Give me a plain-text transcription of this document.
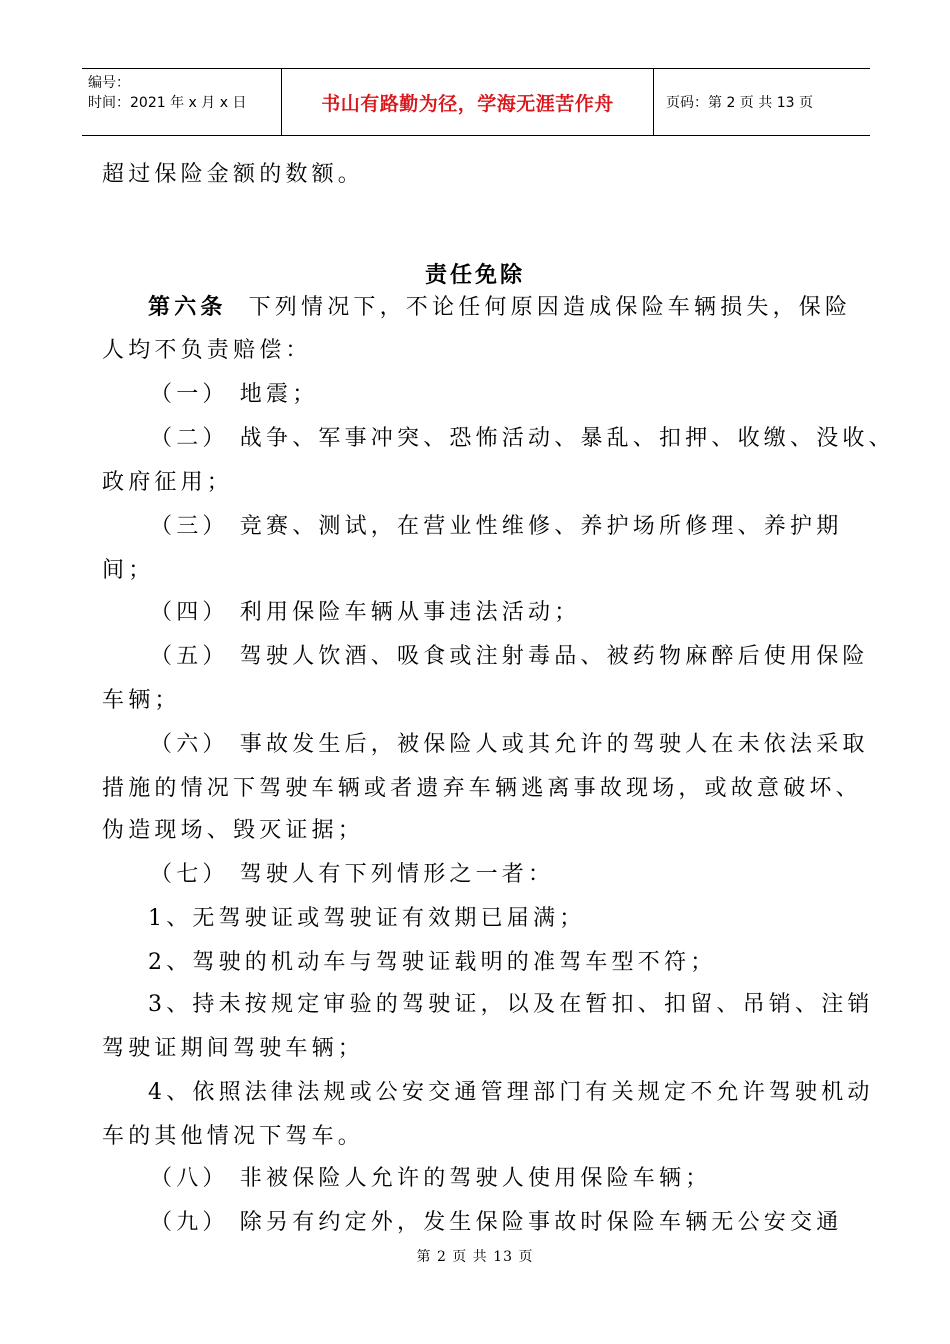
编号：
时间：2021 年 x 月 x 日	书山有路勤为径，学海无涯苦作舟	页码：第 2 页 共 13 页
超过保险金额的数额。
责任免除
第六条 下列情况下，不论任何原因造成保险车辆损失，保险
人均不负责赔偿：
（一） 地震；
（二） 战争、军事冲突、恐怖活动、暴乱、扣押、收缴、没收、
政府征用；
（三） 竞赛、测试，在营业性维修、养护场所修理、养护期
间；
（四） 利用保险车辆从事违法活动；
（五） 驾驶人饮酒、吸食或注射毒品、被药物麻醉后使用保险
车辆；
（六） 事故发生后，被保险人或其允许的驾驶人在未依法采取
措施的情况下驾驶车辆或者遗弃车辆逃离事故现场，或故意破坏、
伪造现场、毁灭证据；
（七） 驾驶人有下列情形之一者：
1、无驾驶证或驾驶证有效期已届满；
2、驾驶的机动车与驾驶证载明的准驾车型不符；
3、持未按规定审验的驾驶证，以及在暂扣、扣留、吊销、注销
驾驶证期间驾驶车辆；
4、依照法律法规或公安交通管理部门有关规定不允许驾驶机动
车的其他情况下驾车。
（八） 非被保险人允许的驾驶人使用保险车辆；
（九） 除另有约定外，发生保险事故时保险车辆无公安交通
第 2 页 共 13 页
